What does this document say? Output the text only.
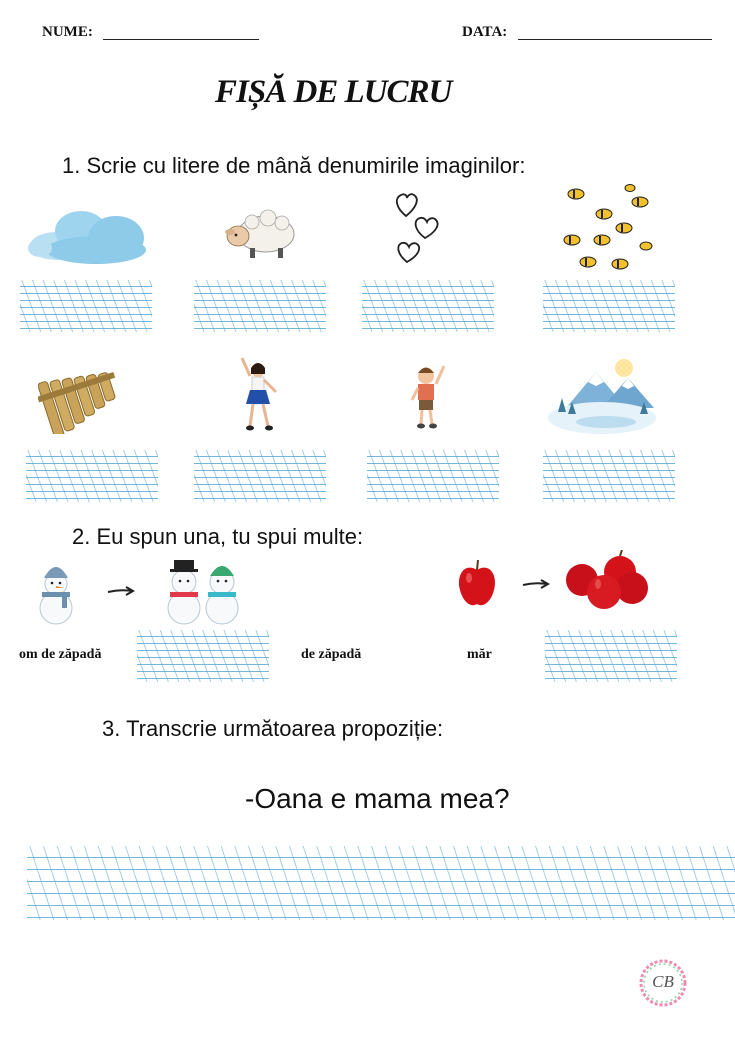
NUME:	DATA:
FIȘĂ DE LUCRU
1. Scrie cu litere de mână denumirile imaginilor:
2. Eu spun una, tu spui multe:
om de zăpadă	de zăpadă	măr
3. Transcrie următoarea propoziție:
-Oana e mama mea?
CB
